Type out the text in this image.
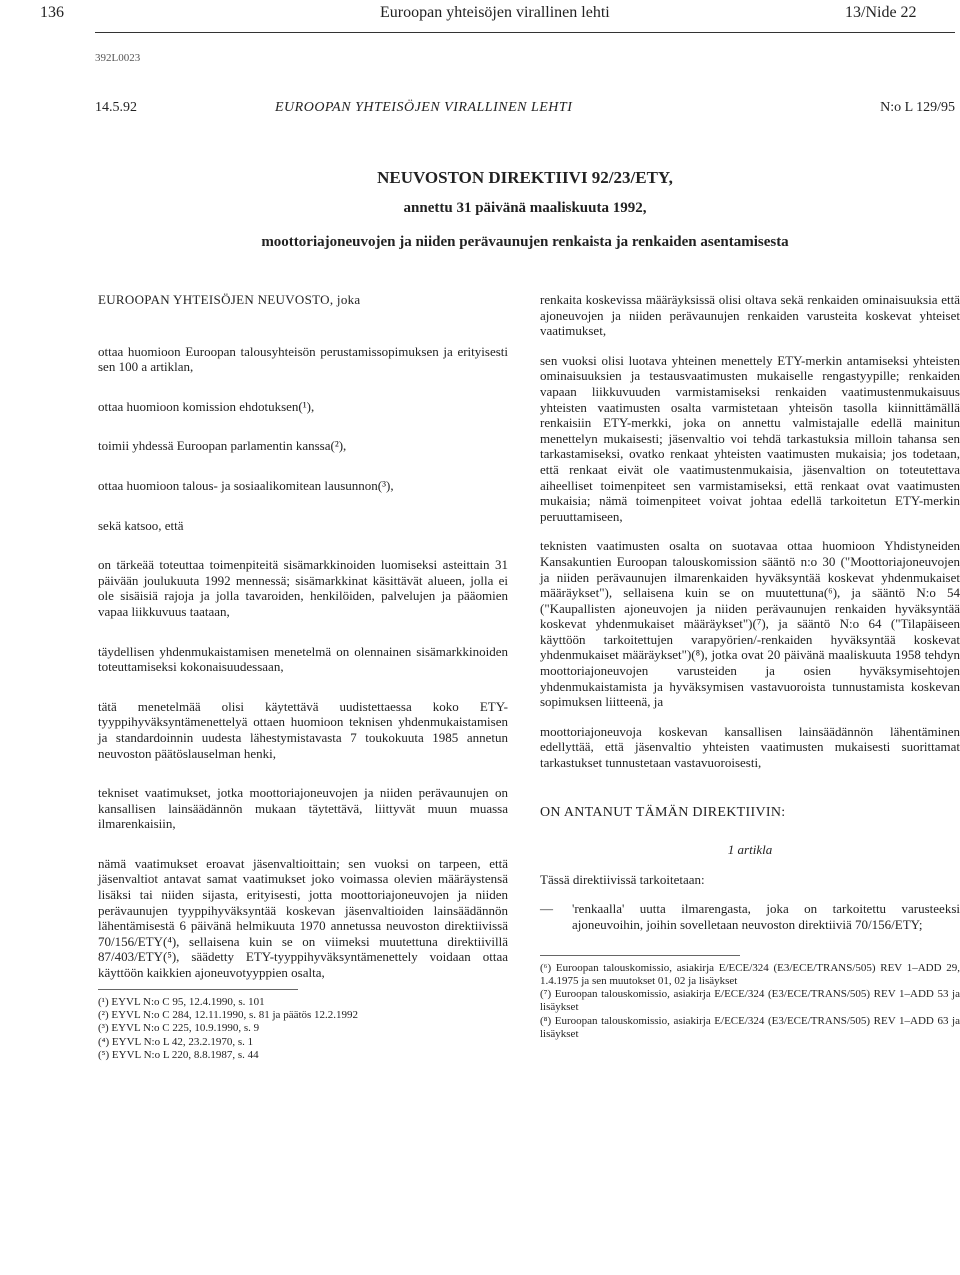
136	Euroopan yhteisöjen virallinen lehti	13/Nide 22
392L0023
14.5.92	EUROOPAN YHTEISÖJEN VIRALLINEN LEHTI	N:o L 129/95
NEUVOSTON DIREKTIIVI 92/23/ETY,
annettu 31 päivänä maaliskuuta 1992,
moottoriajoneuvojen ja niiden perävaunujen renkaista ja renkaiden asentamisesta

EUROOPAN YHTEISÖJEN NEUVOSTO, joka

ottaa huomioon Euroopan talousyhteisön perustamissopimuksen ja erityisesti sen 100 a artiklan,

ottaa huomioon komission ehdotuksen(¹),

toimii yhdessä Euroopan parlamentin kanssa(²),

ottaa huomioon talous- ja sosiaalikomitean lausunnon(³),

sekä katsoo, että

on tärkeää toteuttaa toimenpiteitä sisämarkkinoiden luomiseksi asteittain 31 päivään joulukuuta 1992 mennessä; sisämarkkinat käsittävät alueen, jolla ei ole sisäisiä rajoja ja jolla tavaroiden, henkilöiden, palvelujen ja pääomien vapaa liikkuvuus taataan,

täydellisen yhdenmukaistamisen menetelmä on olennainen sisämarkkinoiden toteuttamiseksi kokonaisuudessaan,

tätä menetelmää olisi käytettävä uudistettaessa koko ETY-tyyppihyväksyntämenettelyä ottaen huomioon teknisen yhdenmukaistamisen ja standardoinnin uudesta lähestymistavasta 7 toukokuuta 1985 annetun neuvoston päätöslauselman henki,

tekniset vaatimukset, jotka moottoriajoneuvojen ja niiden perävaunujen on kansallisen lainsäädännön mukaan täytettävä, liittyvät muun muassa ilmarenkaisiin,

nämä vaatimukset eroavat jäsenvaltioittain; sen vuoksi on tarpeen, että jäsenvaltiot antavat samat vaatimukset joko voimassa olevien määräystensä lisäksi tai niiden sijasta, erityisesti, jotta moottoriajoneuvojen ja niiden perävaunujen tyyppihyväksyntää koskevan jäsenvaltioiden lainsäädännön lähentämisestä 6 päivänä helmikuuta 1970 annetussa neuvoston direktiivissä 70/156/ETY(⁴), sellaisena kuin se on viimeksi muutettuna direktiivillä 87/403/ETY(⁵), säädetty ETY-tyyppihyväksyntämenettely voidaan ottaa käyttöön kaikkien ajoneuvotyyppien osalta,

(¹) EYVL N:o C 95, 12.4.1990, s. 101
(²) EYVL N:o C 284, 12.11.1990, s. 81 ja päätös 12.2.1992
(³) EYVL N:o C 225, 10.9.1990, s. 9
(⁴) EYVL N:o L 42, 23.2.1970, s. 1
(⁵) EYVL N:o L 220, 8.8.1987, s. 44

renkaita koskevissa määräyksissä olisi oltava sekä renkaiden ominaisuuksia että ajoneuvojen ja niiden perävaunujen renkaiden varusteita koskevat yhteiset vaatimukset,

sen vuoksi olisi luotava yhteinen menettely ETY-merkin antamiseksi yhteisten ominaisuuksien ja testausvaatimusten mukaiselle rengastyypille; renkaiden vapaan liikkuvuuden varmistamiseksi renkaiden vaatimustenmukaisuus yhteisten vaatimusten osalta varmistetaan yhteisön tasolla kiinnittämällä renkaisiin ETY-merkki, joka on annettu valmistajalle edellä mainitun menettelyn mukaisesti; jäsenvaltio voi tehdä tarkastuksia milloin tahansa sen tarkastamiseksi, ovatko renkaat yhteisten vaatimusten mukaisia; jos todetaan, että renkaat eivät ole vaatimustenmukaisia, jäsenvaltion on toteutettava aiheelliset toimenpiteet sen varmistamiseksi, että renkaat ovat vaatimusten mukaisia; nämä toimenpiteet voivat johtaa edellä tarkoitetun ETY-merkin peruuttamiseen,

teknisten vaatimusten osalta on suotavaa ottaa huomioon Yhdistyneiden Kansakuntien Euroopan talouskomission sääntö n:o 30 ("Moottoriajoneuvojen ja niiden perävaunujen ilmarenkaiden hyväksyntää koskevat yhdenmukaiset määräykset"), sellaisena kuin se on muutettuna(⁶), ja sääntö N:o 54 ("Kaupallisten ajoneuvojen ja niiden perävaunujen renkaiden hyväksyntää koskevat yhdenmukaiset määräykset")(⁷), ja sääntö N:o 64 ("Tilapäiseen käyttöön tarkoitettujen varapyörien/-renkaiden hyväksyntää koskevat yhdenmukaiset määräykset")(⁸), jotka ovat 20 päivänä maaliskuuta 1958 tehdyn moottoriajoneuvojen varusteiden ja osien hyväksymisehtojen yhdenmukaistamista ja hyväksymisen vastavuoroista tunnustamista koskevan sopimuksen liitteenä, ja

moottoriajoneuvoja koskevan kansallisen lainsäädännön lähentäminen edellyttää, että jäsenvaltio yhteisten vaatimusten mukaisesti suorittamat tarkastukset tunnustetaan vastavuoroisesti,

ON ANTANUT TÄMÄN DIREKTIIVIN:

1 artikla

Tässä direktiivissä tarkoitetaan:

—	'renkaalla' uutta ilmarengasta, joka on tarkoitettu varusteeksi ajoneuvoihin, joihin sovelletaan neuvoston direktiiviä 70/156/ETY;
(⁶) Euroopan talouskomissio, asiakirja E/ECE/324 (E3/ECE/TRANS/505) REV 1–ADD 29, 1.4.1975 ja sen muutokset 01, 02 ja lisäykset
(⁷) Euroopan talouskomissio, asiakirja E/ECE/324 (E3/ECE/TRANS/505) REV 1–ADD 53 ja lisäykset
(⁸) Euroopan talouskomissio, asiakirja E/ECE/324 (E3/ECE/TRANS/505) REV 1–ADD 63 ja lisäykset
